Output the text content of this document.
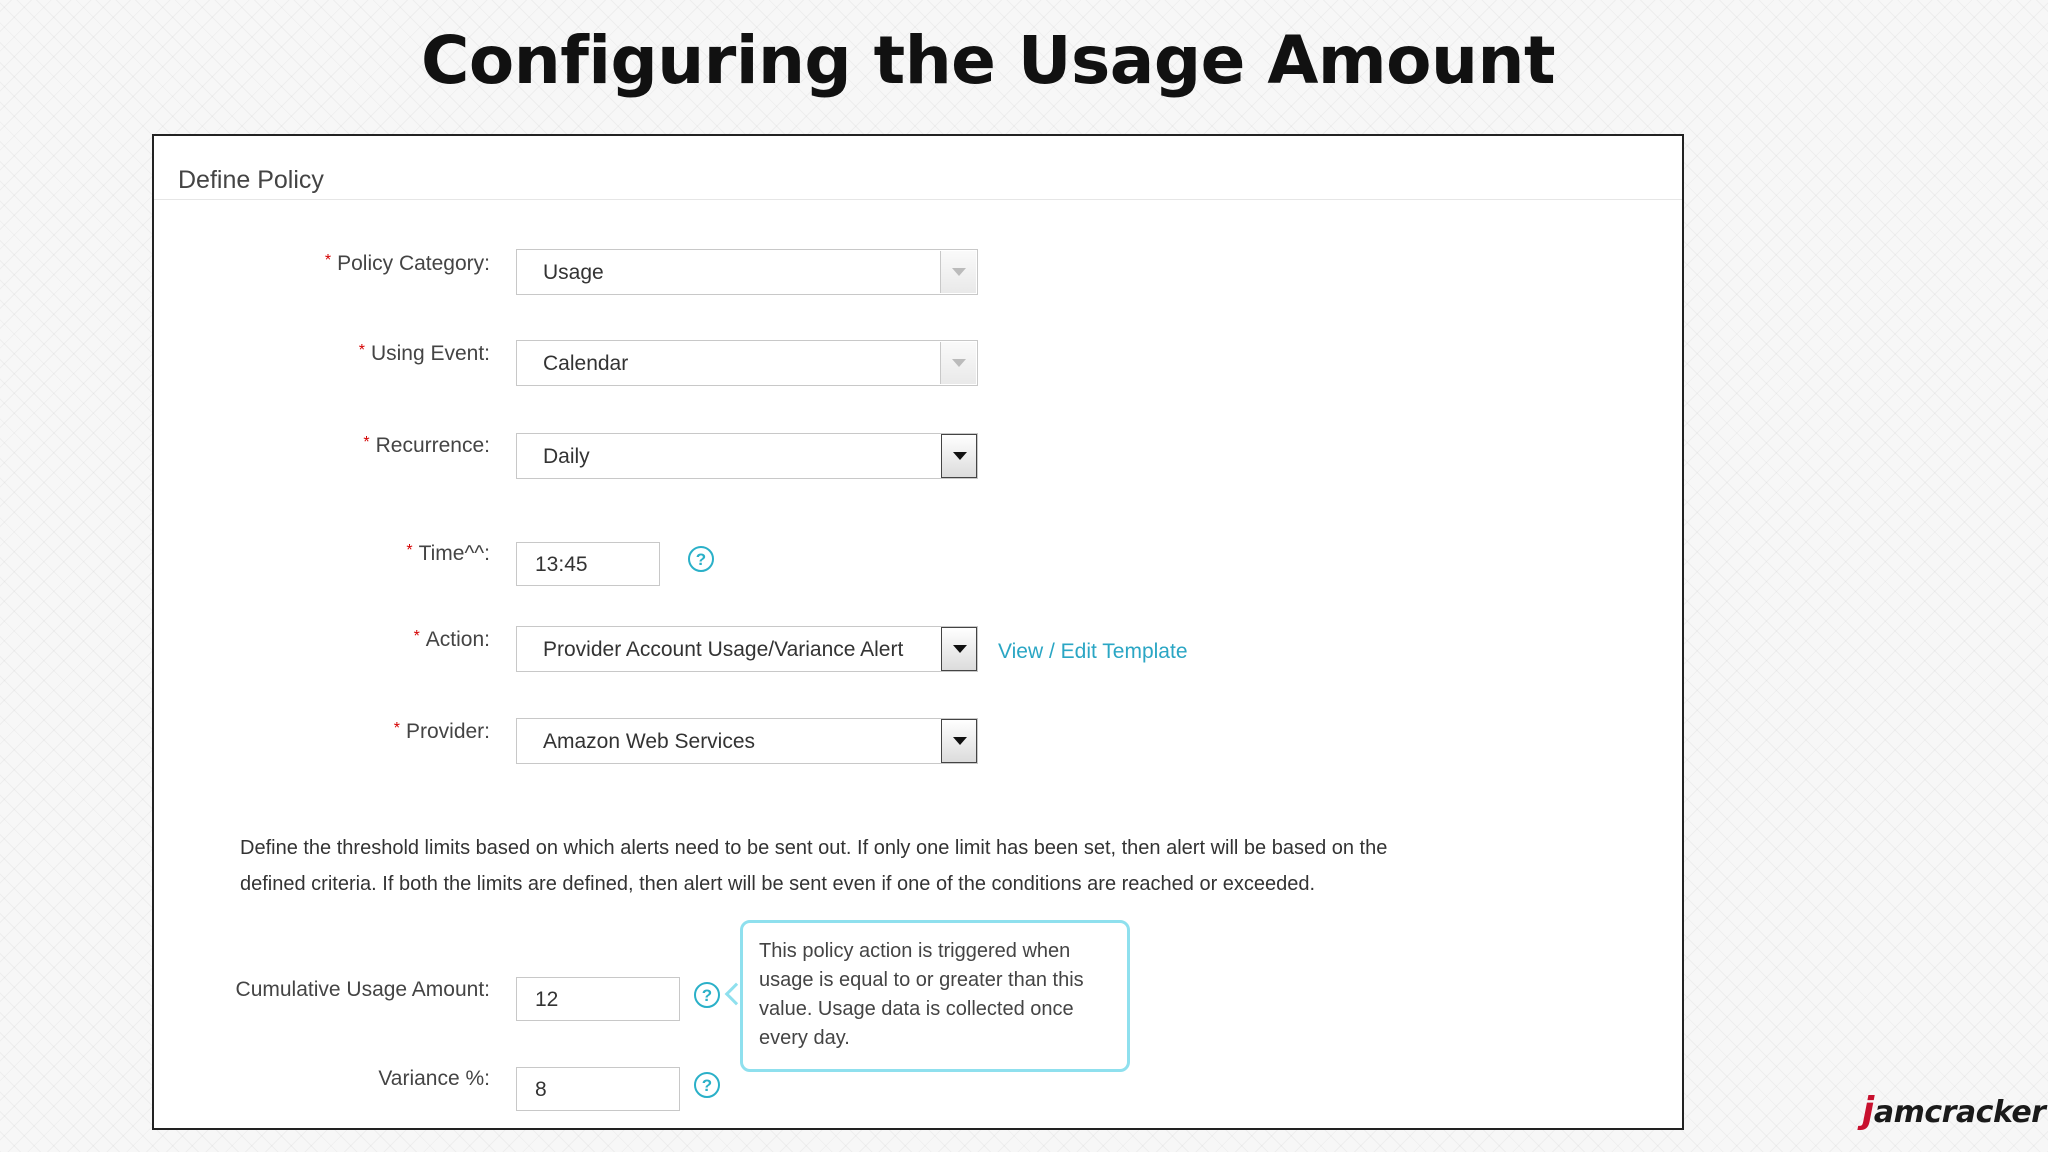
Configuring the Usage Amount
Define Policy
* Policy Category:	Usage
* Using Event:	Calendar
* Recurrence:	Daily
* Time^^: 13:45	?
* Action:	Provider Account Usage/Variance Alert	View / Edit Template
* Provider:	Amazon Web Services
Define the threshold limits based on which alerts need to be sent out. If only one limit has been set, then alert will be based on the defined criteria. If both the limits are defined, then alert will be sent even if one of the conditions are reached or exceeded.
Cumulative Usage Amount: 12	?
This policy action is triggered when usage is equal to or greater than this value. Usage data is collected once every day.
Variance %: 8	?
jamcracker
